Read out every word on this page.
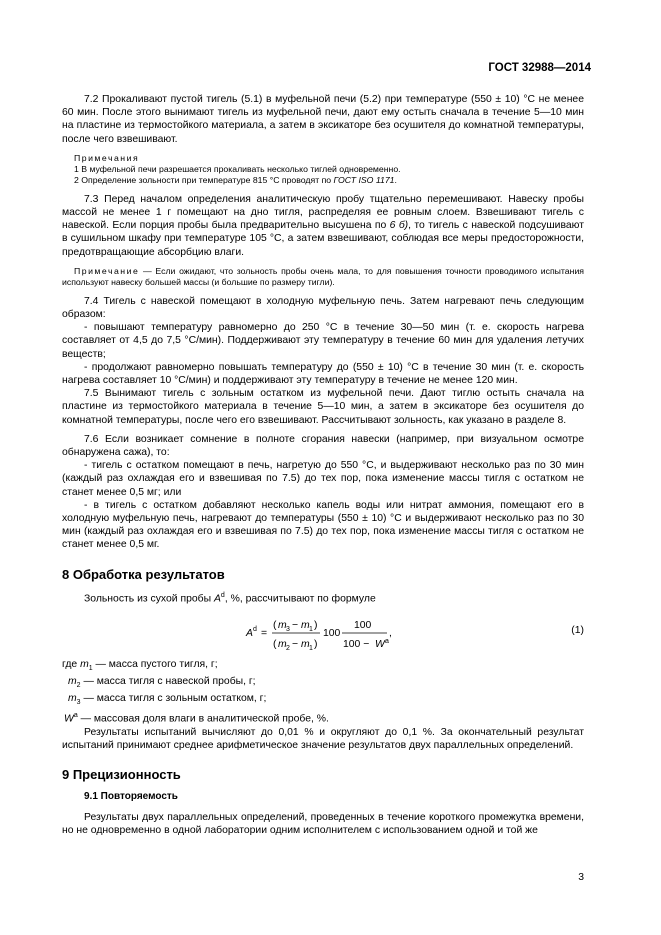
ГОСТ 32988—2014

7.2 Прокаливают пустой тигель (5.1) в муфельной печи (5.2) при температуре (550 ± 10) °С не менее 60 мин. После этого вынимают тигель из муфельной печи, дают ему остыть сначала в течение 5—10 мин на пластине из термостойкого материала, а затем в эксикаторе без осушителя до комнатной температуры, после чего взвешивают.

Примечания
1 В муфельной печи разрешается прокаливать несколько тиглей одновременно.
2 Определение зольности при температуре 815 °С проводят по ГОСТ ISO 1171.

7.3 Перед началом определения аналитическую пробу тщательно перемешивают. Навеску пробы массой не менее 1 г помещают на дно тигля, распределяя ее ровным слоем. Взвешивают тигель с навеской. Если порция пробы была предварительно высушена по 6 б), то тигель с навеской подсушивают в сушильном шкафу при температуре 105 °С, а затем взвешивают, соблюдая все меры предосторожности, предотвращающие абсорбцию влаги.

Примечание — Если ожидают, что зольность пробы очень мала, то для повышения точности проводимого испытания используют навеску большей массы (и большие по размеру тигли).

7.4 Тигель с навеской помещают в холодную муфельную печь. Затем нагревают печь следующим образом:

- повышают температуру равномерно до 250 °С в течение 30—50 мин (т. е. скорость нагрева составляет от 4,5 до 7,5 °С/мин). Поддерживают эту температуру в течение 60 мин для удаления летучих веществ;

- продолжают равномерно повышать температуру до (550 ± 10) °С в течение 30 мин (т. е. скорость нагрева составляет 10 °С/мин) и поддерживают эту температуру в течение не менее 120 мин.

7.5 Вынимают тигель с зольным остатком из муфельной печи. Дают тиглю остыть сначала на пластине из термостойкого материала в течение 5—10 мин, а затем в эксикаторе без осушителя до комнатной температуры, после чего его взвешивают. Рассчитывают зольность, как указано в разделе 8.

7.6 Если возникает сомнение в полноте сгорания навески (например, при визуальном осмотре обнаружена сажа), то:

- тигель с остатком помещают в печь, нагретую до 550 °С, и выдерживают несколько раз по 30 мин (каждый раз охлаждая его и взвешивая по 7.5) до тех пор, пока изменение массы тигля с остатком не станет менее 0,5 мг; или

- в тигель с остатком добавляют несколько капель воды или нитрат аммония, помещают его в холодную муфельную печь, нагревают до температуры (550 ± 10) °С и выдерживают несколько раз по 30 мин (каждый раз охлаждая его и взвешивая по 7.5) до тех пор, пока изменение массы тигля с остатком не станет менее 0,5 мг.

8 Обработка результатов

Зольность из сухой пробы $A^d$, %, рассчитывают по формуле

A d =
( m 3 − m 1 )
( m 2 − m 1 )
100
100
100 − W a
,	(1)
где $m_1$ — масса пустого тигля, г;
$m_2$ — масса тигля с навеской пробы, г;
$m_3$ — масса тигля с зольным остатком, г;
$W^a$ — массовая доля влаги в аналитической пробе, %.

Результаты испытаний вычисляют до 0,01 % и округляют до 0,1 %. За окончательный результат испытаний принимают среднее арифметическое значение результатов двух параллельных определений.

9 Прецизионность

9.1 Повторяемость

Результаты двух параллельных определений, проведенных в течение короткого промежутка времени, но не одновременно в одной лаборатории одним исполнителем с использованием одной и той же

3
